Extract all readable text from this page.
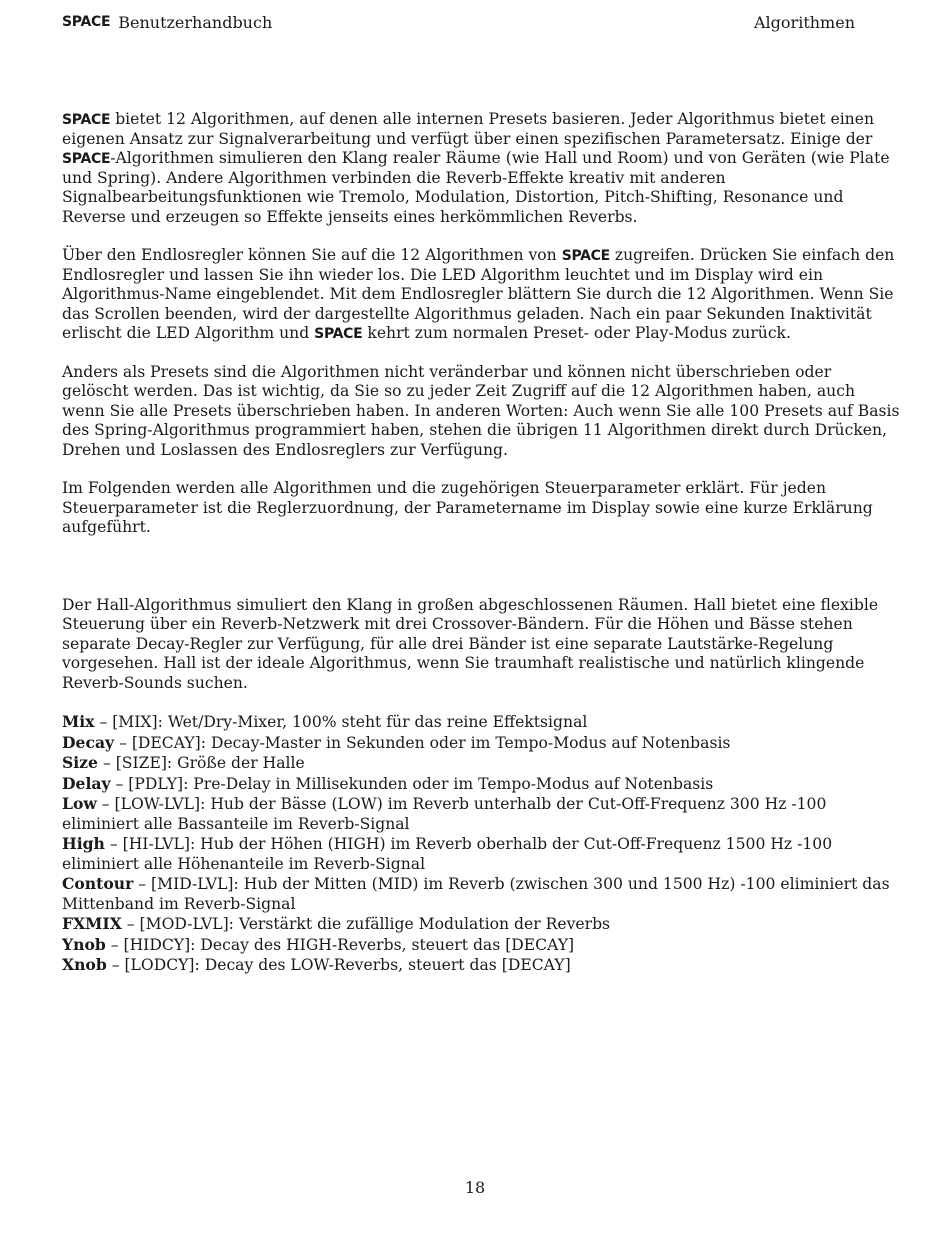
SPACE Benutzerhandbuch	Algorithmen

SPACE bietet 12 Algorithmen, auf denen alle internen Presets basieren. Jeder Algorithmus bietet einen eigenen Ansatz zur Signalverarbeitung und verfügt über einen spezifischen Parametersatz. Einige der SPACE-Algorithmen simulieren den Klang realer Räume (wie Hall und Room) und von Geräten (wie Plate und Spring). Andere Algorithmen verbinden die Reverb-Effekte kreativ mit anderen Signalbearbeitungsfunktionen wie Tremolo, Modulation, Distortion, Pitch-Shifting, Resonance und Reverse und erzeugen so Effekte jenseits eines herkömmlichen Reverbs.

Über den Endlosregler können Sie auf die 12 Algorithmen von SPACE zugreifen. Drücken Sie einfach den Endlosregler und lassen Sie ihn wieder los. Die LED Algorithm leuchtet und im Display wird ein Algorithmus-Name eingeblendet. Mit dem Endlosregler blättern Sie durch die 12 Algorithmen. Wenn Sie das Scrollen beenden, wird der dargestellte Algorithmus geladen. Nach ein paar Sekunden Inaktivität erlischt die LED Algorithm und SPACE kehrt zum normalen Preset- oder Play-Modus zurück.

Anders als Presets sind die Algorithmen nicht veränderbar und können nicht überschrieben oder gelöscht werden. Das ist wichtig, da Sie so zu jeder Zeit Zugriff auf die 12 Algorithmen haben, auch wenn Sie alle Presets überschrieben haben. In anderen Worten: Auch wenn Sie alle 100 Presets auf Basis des Spring-Algorithmus programmiert haben, stehen die übrigen 11 Algorithmen direkt durch Drücken, Drehen und Loslassen des Endlosreglers zur Verfügung.

Im Folgenden werden alle Algorithmen und die zugehörigen Steuerparameter erklärt. Für jeden Steuerparameter ist die Reglerzuordnung, der Parametername im Display sowie eine kurze Erklärung aufgeführt.

Der Hall-Algorithmus simuliert den Klang in großen abgeschlossenen Räumen. Hall bietet eine flexible Steuerung über ein Reverb-Netzwerk mit drei Crossover-Bändern. Für die Höhen und Bässe stehen separate Decay-Regler zur Verfügung, für alle drei Bänder ist eine separate Lautstärke-Regelung vorgesehen. Hall ist der ideale Algorithmus, wenn Sie traumhaft realistische und natürlich klingende Reverb-Sounds suchen.

Mix – [MIX]: Wet/Dry-Mixer, 100% steht für das reine Effektsignal

Decay – [DECAY]: Decay-Master in Sekunden oder im Tempo-Modus auf Notenbasis

Size – [SIZE]: Größe der Halle

Delay – [PDLY]: Pre-Delay in Millisekunden oder im Tempo-Modus auf Notenbasis

Low – [LOW-LVL]: Hub der Bässe (LOW) im Reverb unterhalb der Cut-Off-Frequenz 300 Hz -100 eliminiert alle Bassanteile im Reverb-Signal

High – [HI-LVL]: Hub der Höhen (HIGH) im Reverb oberhalb der Cut-Off-Frequenz 1500 Hz -100 eliminiert alle Höhenanteile im Reverb-Signal

Contour – [MID-LVL]: Hub der Mitten (MID) im Reverb (zwischen 300 und 1500 Hz) -100 eliminiert das Mittenband im Reverb-Signal

FXMIX – [MOD-LVL]: Verstärkt die zufällige Modulation der Reverbs

Ynob – [HIDCY]: Decay des HIGH-Reverbs, steuert das [DECAY]

Xnob – [LODCY]: Decay des LOW-Reverbs, steuert das [DECAY]

18
